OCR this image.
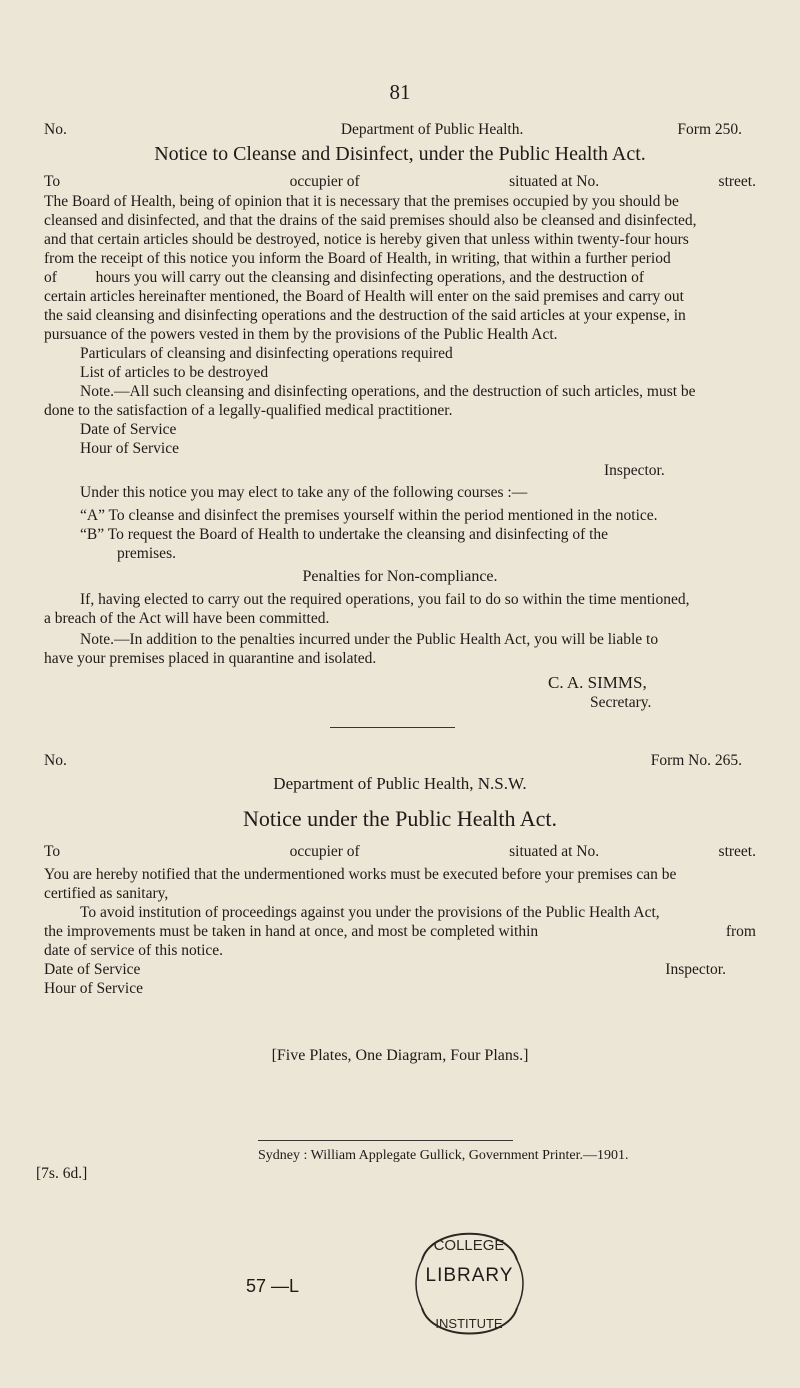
81
No.	Department of Public Health.	Form 250.
Notice to Cleanse and Disinfect, under the Public Health Act.
To	occupier of	situated at No.	street.
The Board of Health, being of opinion that it is necessary that the premises occupied by you should be
cleansed and disinfected, and that the drains of the said premises should also be cleansed and disinfected,
and that certain articles should be destroyed, notice is hereby given that unless within twenty-four hours
from the receipt of this notice you inform the Board of Health, in writing, that within a further period
of          hours you will carry out the cleansing and disinfecting operations, and the destruction of
certain articles hereinafter mentioned, the Board of Health will enter on the said premises and carry out
the said cleansing and disinfecting operations and the destruction of the said articles at your expense, in
pursuance of the powers vested in them by the provisions of the Public Health Act.
Particulars of cleansing and disinfecting operations required
List of articles to be destroyed
Note.—All such cleansing and disinfecting operations, and the destruction of such articles, must be
done to the satisfaction of a legally-qualified medical practitioner.
Date of Service
Hour of Service
Inspector.
Under this notice you may elect to take any of the following courses :—
“A” To cleanse and disinfect the premises yourself within the period mentioned in the notice.
“B” To request the Board of Health to undertake the cleansing and disinfecting of the
premises.
Penalties for Non-compliance.
If, having elected to carry out the required operations, you fail to do so within the time mentioned,
a breach of the Act will have been committed.
Note.—In addition to the penalties incurred under the Public Health Act, you will be liable to
have your premises placed in quarantine and isolated.
C. A. SIMMS,
Secretary.
No.	Form No. 265.
Department of Public Health, N.S.W.
Notice under the Public Health Act.
To	occupier of	situated at No.	street.
You are hereby notified that the undermentioned works must be executed before your premises can be
certified as sanitary,
To avoid institution of proceedings against you under the provisions of the Public Health Act,
the improvements must be taken in hand at once, and most be completed within	from
date of service of this notice.
Date of Service	Inspector.
Hour of Service
[Five Plates, One Diagram, Four Plans.]
Sydney : William Applegate Gullick, Government Printer.—1901.
[7s. 6d.]
57 —L
COLLEGE
INSTITUTE
LIBRARY
